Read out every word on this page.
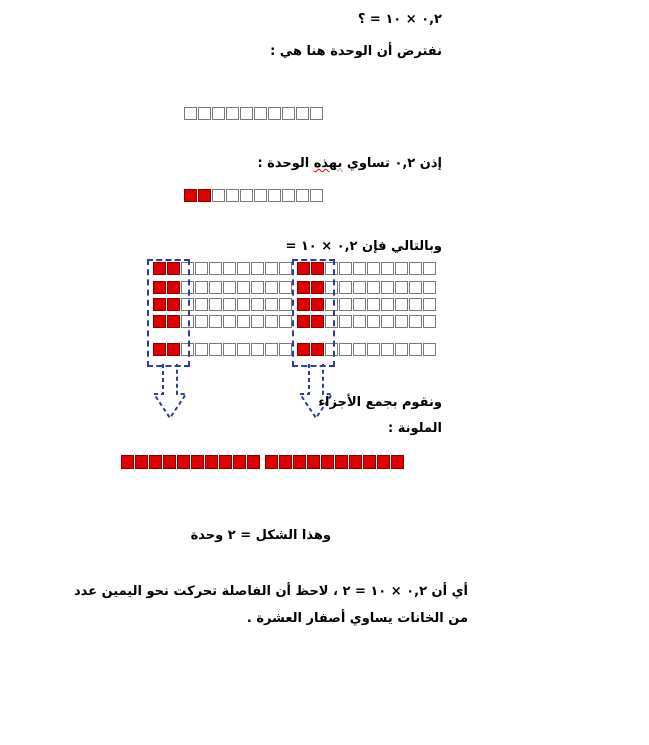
٠,٢ × ١٠ = ؟
نفترض أن الوحدة هنا هي :
إذن ٠,٢ تساوي بهذه الوحدة :
وبالتالي فإن ٠,٢ × ١٠ =
ونقوم بجمع الأجزاء
الملونة :
وهذا الشكل = ٢ وحدة
أي أن ٠,٢ × ١٠ = ٢ ، لاحظ أن الفاصلة تحركت نحو اليمين عدد
من الخانات يساوي أصفار العشرة .
